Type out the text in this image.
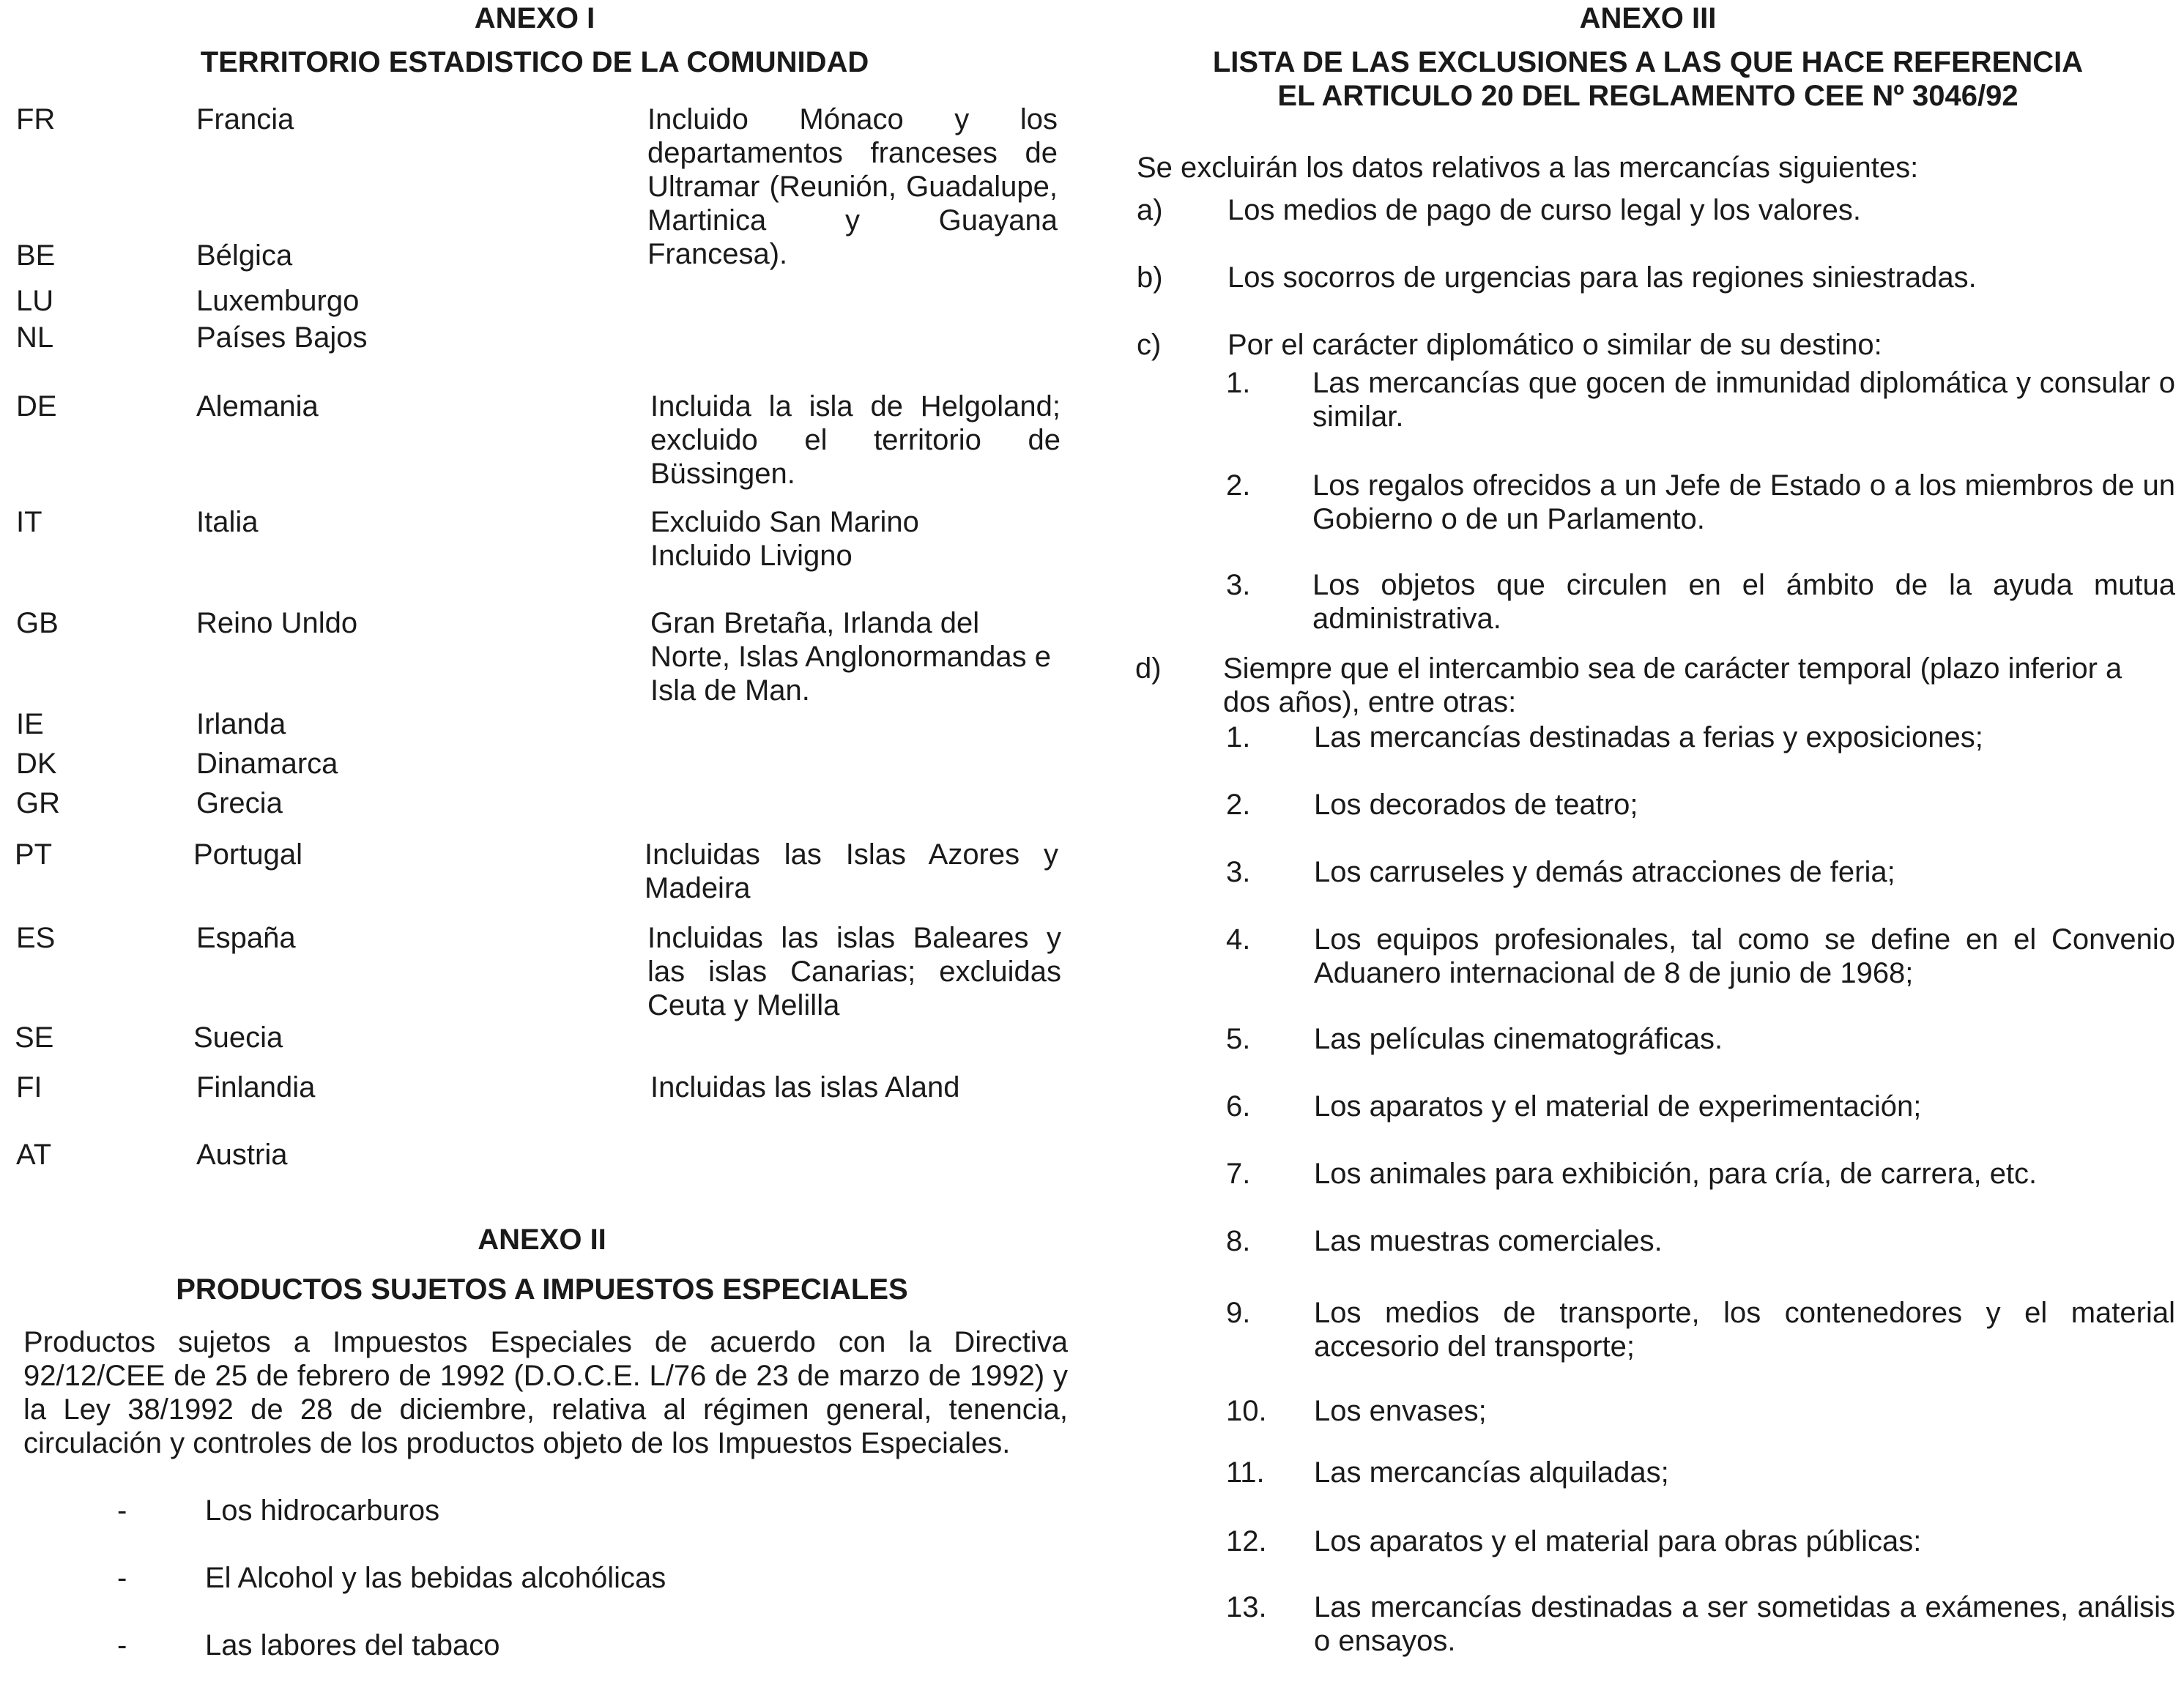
ANEXO I
TERRITORIO ESTADISTICO DE LA COMUNIDAD
FR	Francia	Incluido Mónaco y los departamentos franceses de Ultramar (Reunión, Guadalupe, Martinica y Guayana Francesa).
BE	Bélgica
LU	Luxemburgo
NL	Países Bajos
DE	Alemania	Incluida la isla de Helgoland; excluido el territorio de Büssingen.
IT	Italia	Excluido San Marino
Incluido Livigno
GB	Reino Unldo	Gran Bretaña, Irlanda del Norte, Islas Anglonormandas e Isla de Man.
IE	Irlanda
DK	Dinamarca
GR	Grecia
PT	Portugal	Incluidas las Islas Azores y Madeira
ES	España	Incluidas las islas Baleares y las islas Canarias; excluidas Ceuta y Melilla
SE	Suecia
FI	Finlandia	Incluidas las islas Aland
AT	Austria
ANEXO II
PRODUCTOS SUJETOS A IMPUESTOS ESPECIALES
Productos sujetos a Impuestos Especiales de acuerdo con la Directiva 92/12/CEE de 25 de febrero de 1992 (D.O.C.E. L/76 de 23 de marzo de 1992) y la Ley 38/1992 de 28 de diciembre, relativa al régimen general, tenencia, circulación y controles de los productos objeto de los Impuestos Especiales.
-	Los hidrocarburos
-	El Alcohol y las bebidas alcohólicas
-	Las labores del tabaco
ANEXO III
LISTA DE LAS EXCLUSIONES A LAS QUE HACE REFERENCIA
EL ARTICULO 20 DEL REGLAMENTO CEE Nº 3046/92
Se excluirán los datos relativos a las mercancías siguientes:
a) Los medios de pago de curso legal y los valores.
b) Los socorros de urgencias para las regiones siniestradas.
c) Por el carácter diplomático o similar de su destino:
1. Las mercancías que gocen de inmunidad diplomática y consular o similar.
2. Los regalos ofrecidos a un Jefe de Estado o a los miembros de un Gobierno o de un Parlamento.
3. Los objetos que circulen en el ámbito de la ayuda mutua administrativa.
d) Siempre que el intercambio sea de carácter temporal (plazo inferior a dos años), entre otras:
1. Las mercancías destinadas a ferias y exposiciones;
2. Los decorados de teatro;
3. Los carruseles y demás atracciones de feria;
4. Los equipos profesionales, tal como se define en el Convenio Aduanero internacional de 8 de junio de 1968;
5. Las películas cinematográficas.
6. Los aparatos y el material de experimentación;
7. Los animales para exhibición, para cría, de carrera, etc.
8. Las muestras comerciales.
9. Los medios de transporte, los contenedores y el material accesorio del transporte;
10. Los envases;
11. Las mercancías alquiladas;
12. Los aparatos y el material para obras públicas:
13. Las mercancías destinadas a ser sometidas a exámenes, análisis o ensayos.
